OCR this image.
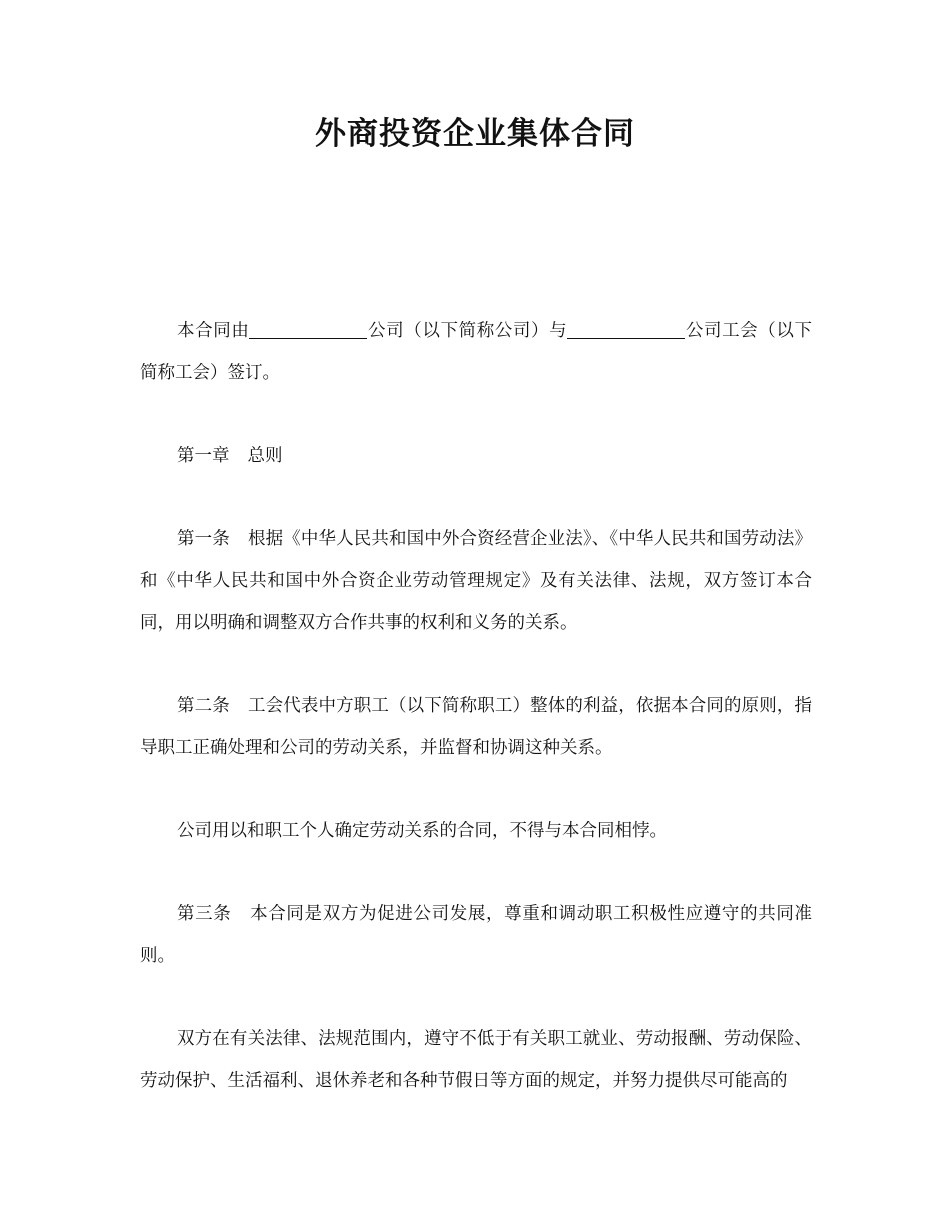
外商投资企业集体合同

本合同由	公司（以下简称公司）与	公司工会（以下简称工会）签订。

第一章 总则

第一条 根据《中华人民共和国中外合资经营企业法》、《中华人民共和国劳动法》和《中华人民共和国中外合资企业劳动管理规定》及有关法律、法规，双方签订本合同，用以明确和调整双方合作共事的权利和义务的关系。

第二条 工会代表中方职工（以下简称职工）整体的利益，依据本合同的原则，指导职工正确处理和公司的劳动关系，并监督和协调这种关系。

公司用以和职工个人确定劳动关系的合同，不得与本合同相悖。

第三条 本合同是双方为促进公司发展，尊重和调动职工积极性应遵守的共同准则。

双方在有关法律、法规范围内，遵守不低于有关职工就业、劳动报酬、劳动保险、劳动保护、生活福利、退休养老和各种节假日等方面的规定，并努力提供尽可能高的
